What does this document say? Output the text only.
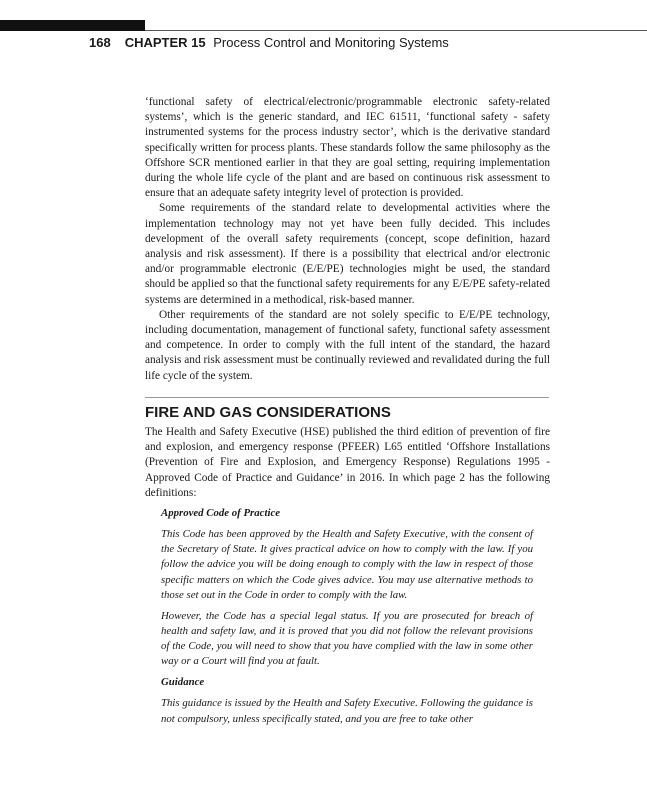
168 CHAPTER 15 Process Control and Monitoring Systems

‘functional safety of electrical/electronic/programmable electronic safety-related systems’, which is the generic standard, and IEC 61511, ‘functional safety - safety instrumented systems for the process industry sector’, which is the derivative standard specifically written for process plants. These standards follow the same philosophy as the Offshore SCR mentioned earlier in that they are goal setting, requiring implementation during the whole life cycle of the plant and are based on continuous risk assessment to ensure that an adequate safety integrity level of protection is provided.

Some requirements of the standard relate to developmental activities where the implementation technology may not yet have been fully decided. This includes development of the overall safety requirements (concept, scope definition, hazard analysis and risk assessment). If there is a possibility that electrical and/or electronic and/or programmable electronic (E/E/PE) technologies might be used, the standard should be applied so that the functional safety requirements for any E/E/PE safety-related systems are determined in a methodical, risk-based manner.

Other requirements of the standard are not solely specific to E/E/PE technology, including documentation, management of functional safety, functional safety assessment and competence. In order to comply with the full intent of the standard, the hazard analysis and risk assessment must be continually reviewed and revalidated during the full life cycle of the system.

FIRE AND GAS CONSIDERATIONS

The Health and Safety Executive (HSE) published the third edition of prevention of fire and explosion, and emergency response (PFEER) L65 entitled ‘Offshore Installations (Prevention of Fire and Explosion, and Emergency Response) Regulations 1995 - Approved Code of Practice and Guidance’ in 2016. In which page 2 has the following definitions:

Approved Code of Practice

This Code has been approved by the Health and Safety Executive, with the consent of the Secretary of State. It gives practical advice on how to comply with the law. If you follow the advice you will be doing enough to comply with the law in respect of those specific matters on which the Code gives advice. You may use alternative methods to those set out in the Code in order to comply with the law.

However, the Code has a special legal status. If you are prosecuted for breach of health and safety law, and it is proved that you did not follow the relevant provisions of the Code, you will need to show that you have complied with the law in some other way or a Court will find you at fault.

Guidance

This guidance is issued by the Health and Safety Executive. Following the guidance is not compulsory, unless specifically stated, and you are free to take other
